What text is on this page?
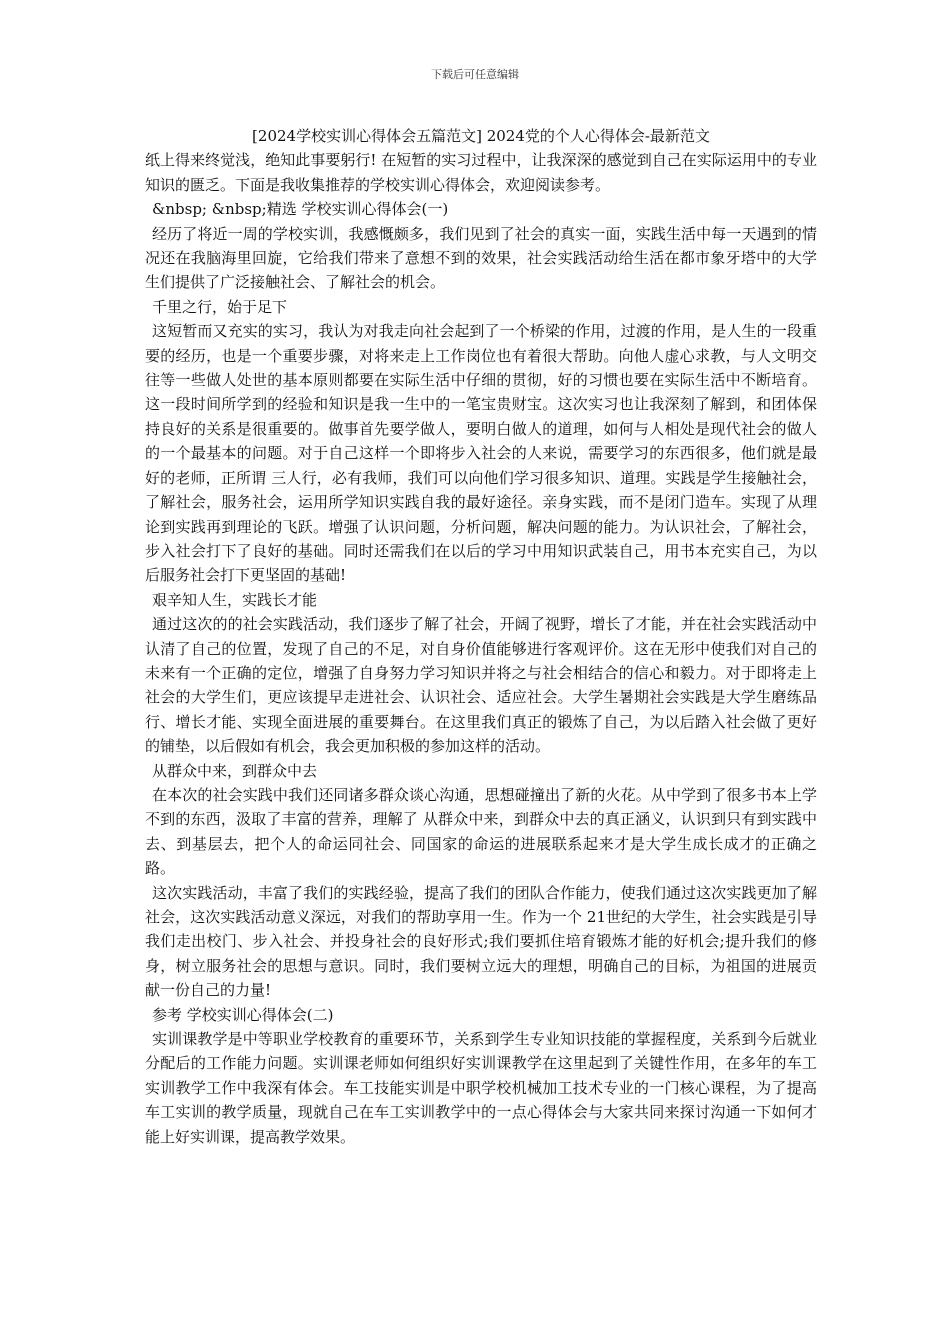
下载后可任意编辑

[2024学校实训心得体会五篇范文] 2024党的个人心得体会-最新范文

纸上得来终觉浅，绝知此事要躬行! 在短暂的实习过程中，让我深深的感觉到自己在实际运用中的专业知识的匮乏。下面是我收集推荐的学校实训心得体会，欢迎阅读参考。

&nbsp; &nbsp;精选 学校实训心得体会(一)

经历了将近一周的学校实训，我感慨颇多，我们见到了社会的真实一面，实践生活中每一天遇到的情况还在我脑海里回旋，它给我们带来了意想不到的效果，社会实践活动给生活在都市象牙塔中的大学生们提供了广泛接触社会、了解社会的机会。

千里之行，始于足下

这短暂而又充实的实习，我认为对我走向社会起到了一个桥梁的作用，过渡的作用，是人生的一段重要的经历，也是一个重要步骤，对将来走上工作岗位也有着很大帮助。向他人虚心求教，与人文明交往等一些做人处世的基本原则都要在实际生活中仔细的贯彻，好的习惯也要在实际生活中不断培育。这一段时间所学到的经验和知识是我一生中的一笔宝贵财宝。这次实习也让我深刻了解到，和团体保持良好的关系是很重要的。做事首先要学做人，要明白做人的道理，如何与人相处是现代社会的做人的一个最基本的问题。对于自己这样一个即将步入社会的人来说，需要学习的东西很多，他们就是最好的老师，正所谓 三人行，必有我师，我们可以向他们学习很多知识、道理。实践是学生接触社会，了解社会，服务社会，运用所学知识实践自我的最好途径。亲身实践，而不是闭门造车。实现了从理论到实践再到理论的飞跃。增强了认识问题，分析问题，解决问题的能力。为认识社会，了解社会，步入社会打下了良好的基础。同时还需我们在以后的学习中用知识武装自己，用书本充实自己，为以后服务社会打下更坚固的基础!

艰辛知人生，实践长才能

通过这次的的社会实践活动，我们逐步了解了社会，开阔了视野，增长了才能，并在社会实践活动中认清了自己的位置，发现了自己的不足，对自身价值能够进行客观评价。这在无形中使我们对自己的未来有一个正确的定位，增强了自身努力学习知识并将之与社会相结合的信心和毅力。对于即将走上社会的大学生们，更应该提早走进社会、认识社会、适应社会。大学生暑期社会实践是大学生磨练品行、增长才能、实现全面进展的重要舞台。在这里我们真正的锻炼了自己，为以后踏入社会做了更好的铺垫，以后假如有机会，我会更加积极的参加这样的活动。

从群众中来，到群众中去

在本次的社会实践中我们还同诸多群众谈心沟通，思想碰撞出了新的火花。从中学到了很多书本上学不到的东西，汲取了丰富的营养，理解了 从群众中来，到群众中去的真正涵义，认识到只有到实践中去、到基层去，把个人的命运同社会、同国家的命运的进展联系起来才是大学生成长成才的正确之路。

这次实践活动，丰富了我们的实践经验，提高了我们的团队合作能力，使我们通过这次实践更加了解社会，这次实践活动意义深远，对我们的帮助享用一生。作为一个 21世纪的大学生，社会实践是引导我们走出校门、步入社会、并投身社会的良好形式;我们要抓住培育锻炼才能的好机会;提升我们的修身，树立服务社会的思想与意识。同时，我们要树立远大的理想，明确自己的目标，为祖国的进展贡献一份自己的力量!

参考 学校实训心得体会(二)

实训课教学是中等职业学校教育的重要环节，关系到学生专业知识技能的掌握程度，关系到今后就业分配后的工作能力问题。实训课老师如何组织好实训课教学在这里起到了关键性作用，在多年的车工实训教学工作中我深有体会。车工技能实训是中职学校机械加工技术专业的一门核心课程，为了提高车工实训的教学质量，现就自己在车工实训教学中的一点心得体会与大家共同来探讨沟通一下如何才能上好实训课，提高教学效果。
